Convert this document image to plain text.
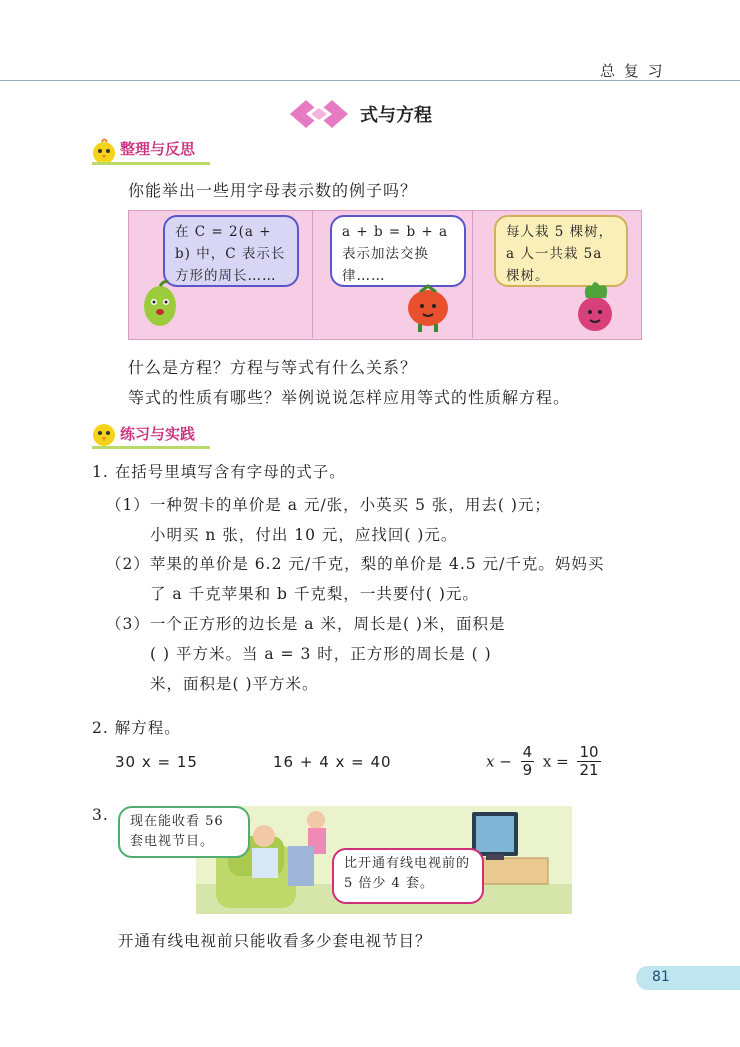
总 复 习
式与方程
整理与反思
你能举出一些用字母表示数的例子吗？
在 C = 2(a + b) 中，C 表示长方形的周长……
a + b = b + a 表示加法交换律……
每人栽 5 棵树，a 人一共栽 5a 棵树。
什么是方程？方程与等式有什么关系？
等式的性质有哪些？举例说说怎样应用等式的性质解方程。
练习与实践
1. 在括号里填写含有字母的式子。
（1）一种贺卡的单价是 a 元/张，小英买 5 张，用去( )元；
小明买 n 张，付出 10 元，应找回( )元。
（2）苹果的单价是 6.2 元/千克，梨的单价是 4.5 元/千克。妈妈买
了 a 千克苹果和 b 千克梨，一共要付( )元。
（3）一个正方形的边长是 a 米，周长是( )米，面积是
( ) 平方米。当 a = 3 时，正方形的周长是 ( )
米，面积是( )平方米。
2. 解方程。
30 x = 15	16 + 4 x = 40	$x - \frac{4}{9}$ $x = \frac{10}{21}$
3.	现在能收看 56 套电视节目。
比开通有线电视前的 5 倍少 4 套。
开通有线电视前只能收看多少套电视节目？
81
